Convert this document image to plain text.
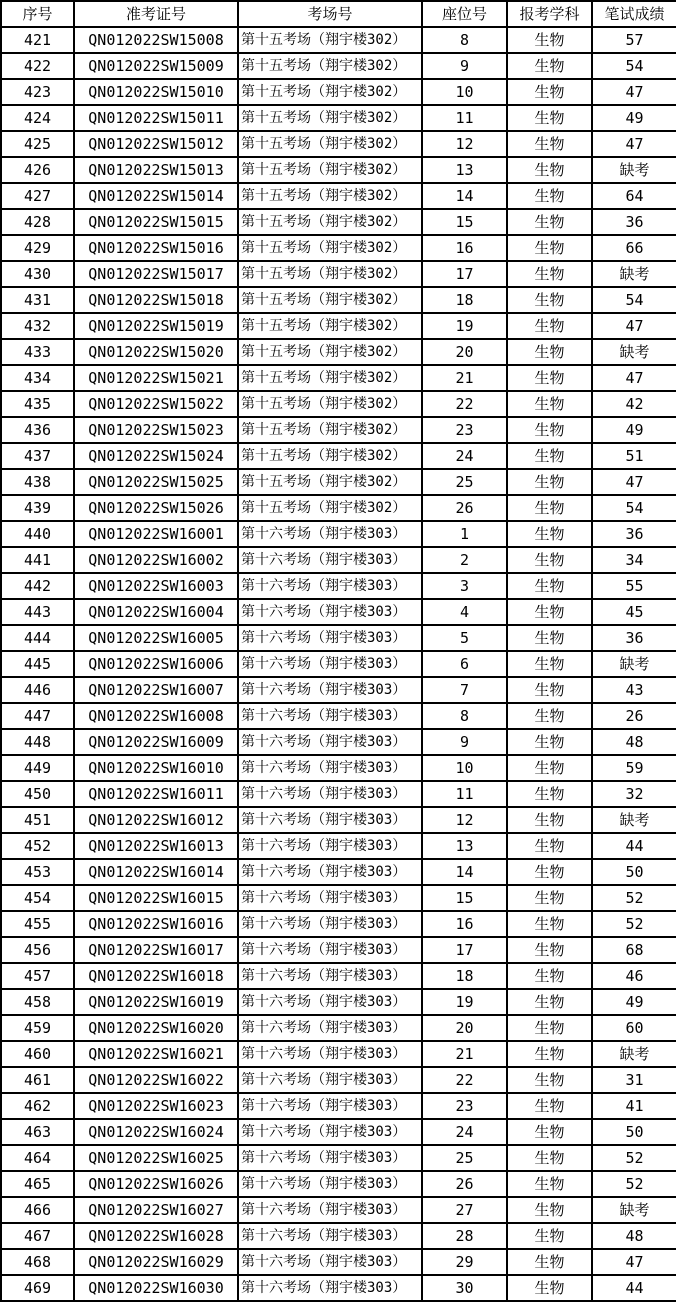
序号	准考证号	考场号	座位号	报考学科	笔试成绩
421	QN012022SW15008	第十五考场（翔宇楼302）	8	生物	57
422	QN012022SW15009	第十五考场（翔宇楼302）	9	生物	54
423	QN012022SW15010	第十五考场（翔宇楼302）	10	生物	47
424	QN012022SW15011	第十五考场（翔宇楼302）	11	生物	49
425	QN012022SW15012	第十五考场（翔宇楼302）	12	生物	47
426	QN012022SW15013	第十五考场（翔宇楼302）	13	生物	缺考
427	QN012022SW15014	第十五考场（翔宇楼302）	14	生物	64
428	QN012022SW15015	第十五考场（翔宇楼302）	15	生物	36
429	QN012022SW15016	第十五考场（翔宇楼302）	16	生物	66
430	QN012022SW15017	第十五考场（翔宇楼302）	17	生物	缺考
431	QN012022SW15018	第十五考场（翔宇楼302）	18	生物	54
432	QN012022SW15019	第十五考场（翔宇楼302）	19	生物	47
433	QN012022SW15020	第十五考场（翔宇楼302）	20	生物	缺考
434	QN012022SW15021	第十五考场（翔宇楼302）	21	生物	47
435	QN012022SW15022	第十五考场（翔宇楼302）	22	生物	42
436	QN012022SW15023	第十五考场（翔宇楼302）	23	生物	49
437	QN012022SW15024	第十五考场（翔宇楼302）	24	生物	51
438	QN012022SW15025	第十五考场（翔宇楼302）	25	生物	47
439	QN012022SW15026	第十五考场（翔宇楼302）	26	生物	54
440	QN012022SW16001	第十六考场（翔宇楼303）	1	生物	36
441	QN012022SW16002	第十六考场（翔宇楼303）	2	生物	34
442	QN012022SW16003	第十六考场（翔宇楼303）	3	生物	55
443	QN012022SW16004	第十六考场（翔宇楼303）	4	生物	45
444	QN012022SW16005	第十六考场（翔宇楼303）	5	生物	36
445	QN012022SW16006	第十六考场（翔宇楼303）	6	生物	缺考
446	QN012022SW16007	第十六考场（翔宇楼303）	7	生物	43
447	QN012022SW16008	第十六考场（翔宇楼303）	8	生物	26
448	QN012022SW16009	第十六考场（翔宇楼303）	9	生物	48
449	QN012022SW16010	第十六考场（翔宇楼303）	10	生物	59
450	QN012022SW16011	第十六考场（翔宇楼303）	11	生物	32
451	QN012022SW16012	第十六考场（翔宇楼303）	12	生物	缺考
452	QN012022SW16013	第十六考场（翔宇楼303）	13	生物	44
453	QN012022SW16014	第十六考场（翔宇楼303）	14	生物	50
454	QN012022SW16015	第十六考场（翔宇楼303）	15	生物	52
455	QN012022SW16016	第十六考场（翔宇楼303）	16	生物	52
456	QN012022SW16017	第十六考场（翔宇楼303）	17	生物	68
457	QN012022SW16018	第十六考场（翔宇楼303）	18	生物	46
458	QN012022SW16019	第十六考场（翔宇楼303）	19	生物	49
459	QN012022SW16020	第十六考场（翔宇楼303）	20	生物	60
460	QN012022SW16021	第十六考场（翔宇楼303）	21	生物	缺考
461	QN012022SW16022	第十六考场（翔宇楼303）	22	生物	31
462	QN012022SW16023	第十六考场（翔宇楼303）	23	生物	41
463	QN012022SW16024	第十六考场（翔宇楼303）	24	生物	50
464	QN012022SW16025	第十六考场（翔宇楼303）	25	生物	52
465	QN012022SW16026	第十六考场（翔宇楼303）	26	生物	52
466	QN012022SW16027	第十六考场（翔宇楼303）	27	生物	缺考
467	QN012022SW16028	第十六考场（翔宇楼303）	28	生物	48
468	QN012022SW16029	第十六考场（翔宇楼303）	29	生物	47
469	QN012022SW16030	第十六考场（翔宇楼303）	30	生物	44
